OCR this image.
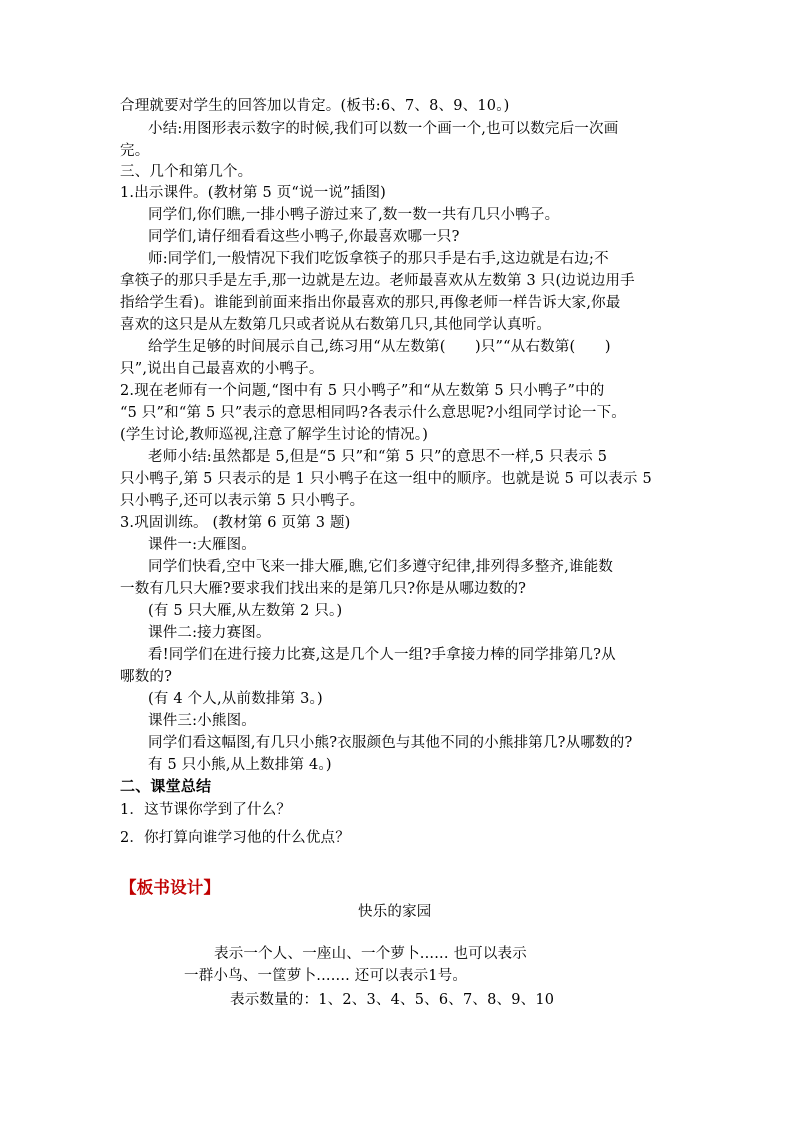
合理就要对学生的回答加以肯定。(板书:6、7、8、9、10。)
小结:用图形表示数字的时候,我们可以数一个画一个,也可以数完后一次画
完。
三、几个和第几个。
1.出示课件。(教材第 5 页“说一说”插图)
同学们,你们瞧,一排小鸭子游过来了,数一数一共有几只小鸭子。
同学们,请仔细看看这些小鸭子,你最喜欢哪一只?
师:同学们,一般情况下我们吃饭拿筷子的那只手是右手,这边就是右边;不
拿筷子的那只手是左手,那一边就是左边。老师最喜欢从左数第 3 只(边说边用手
指给学生看)。谁能到前面来指出你最喜欢的那只,再像老师一样告诉大家,你最
喜欢的这只是从左数第几只或者说从右数第几只,其他同学认真听。
给学生足够的时间展示自己,练习用“从左数第(　　)只”“从右数第(　　)
只”,说出自己最喜欢的小鸭子。
2.现在老师有一个问题,“图中有 5 只小鸭子”和“从左数第 5 只小鸭子”中的
“5 只”和“第 5 只”表示的意思相同吗?各表示什么意思呢?小组同学讨论一下。
(学生讨论,教师巡视,注意了解学生讨论的情况。)
老师小结:虽然都是 5,但是“5 只”和“第 5 只”的意思不一样,5 只表示 5
只小鸭子,第 5 只表示的是 1 只小鸭子在这一组中的顺序。也就是说 5 可以表示 5
只小鸭子,还可以表示第 5 只小鸭子。
3.巩固训练。 (教材第 6 页第 3 题)
课件一:大雁图。
同学们快看,空中飞来一排大雁,瞧,它们多遵守纪律,排列得多整齐,谁能数
一数有几只大雁?要求我们找出来的是第几只?你是从哪边数的?
(有 5 只大雁,从左数第 2 只。)
课件二:接力赛图。
看!同学们在进行接力比赛,这是几个人一组?手拿接力棒的同学排第几?从
哪数的?
(有 4 个人,从前数排第 3。)
课件三:小熊图。
同学们看这幅图,有几只小熊?衣服颜色与其他不同的小熊排第几?从哪数的?
有 5 只小熊,从上数排第 4。)
二、课堂总结
1．这节课你学到了什么？
2．你打算向谁学习他的什么优点？
【板书设计】
快乐的家园
表示一个人、一座山、一个萝卜...... 也可以表示
一群小鸟、一筐萝卜....... 还可以表示1号。
表示数量的：1、2、3、4、5、6、7、8、9、10
